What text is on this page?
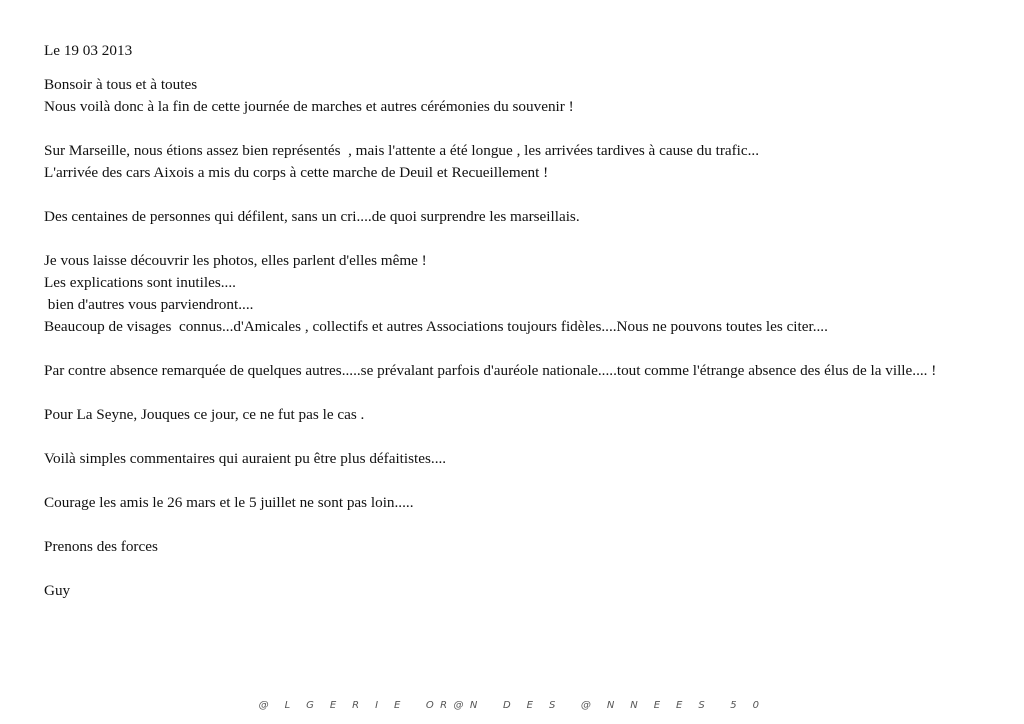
Le 19 03 2013

Bonsoir à tous et à toutes

Nous voilà donc à la fin de cette journée de marches et autres cérémonies du souvenir !

Sur Marseille, nous étions assez bien représentés  , mais l'attente a été longue , les arrivées tardives à cause du trafic...

L'arrivée des cars Aixois a mis du corps à cette marche de Deuil et Recueillement !

Des centaines de personnes qui défilent, sans un cri....de quoi surprendre les marseillais.

Je vous laisse découvrir les photos, elles parlent d'elles même !

Les explications sont inutiles....

bien d'autres vous parviendront....

Beaucoup de visages  connus...d'Amicales , collectifs et autres Associations toujours fidèles....Nous ne pouvons toutes les citer....

Par contre absence remarquée de quelques autres.....se prévalant parfois d'auréole nationale.....tout comme l'étrange absence des élus de la ville.... !

Pour La Seyne, Jouques ce jour, ce ne fut pas le cas .

Voilà simples commentaires qui auraient pu être plus défaitistes....

Courage les amis le 26 mars et le 5 juillet ne sont pas loin.....

Prenons des forces

Guy

@ L G E R I E  OR@N  D E S  @ N N E E S  5 0
